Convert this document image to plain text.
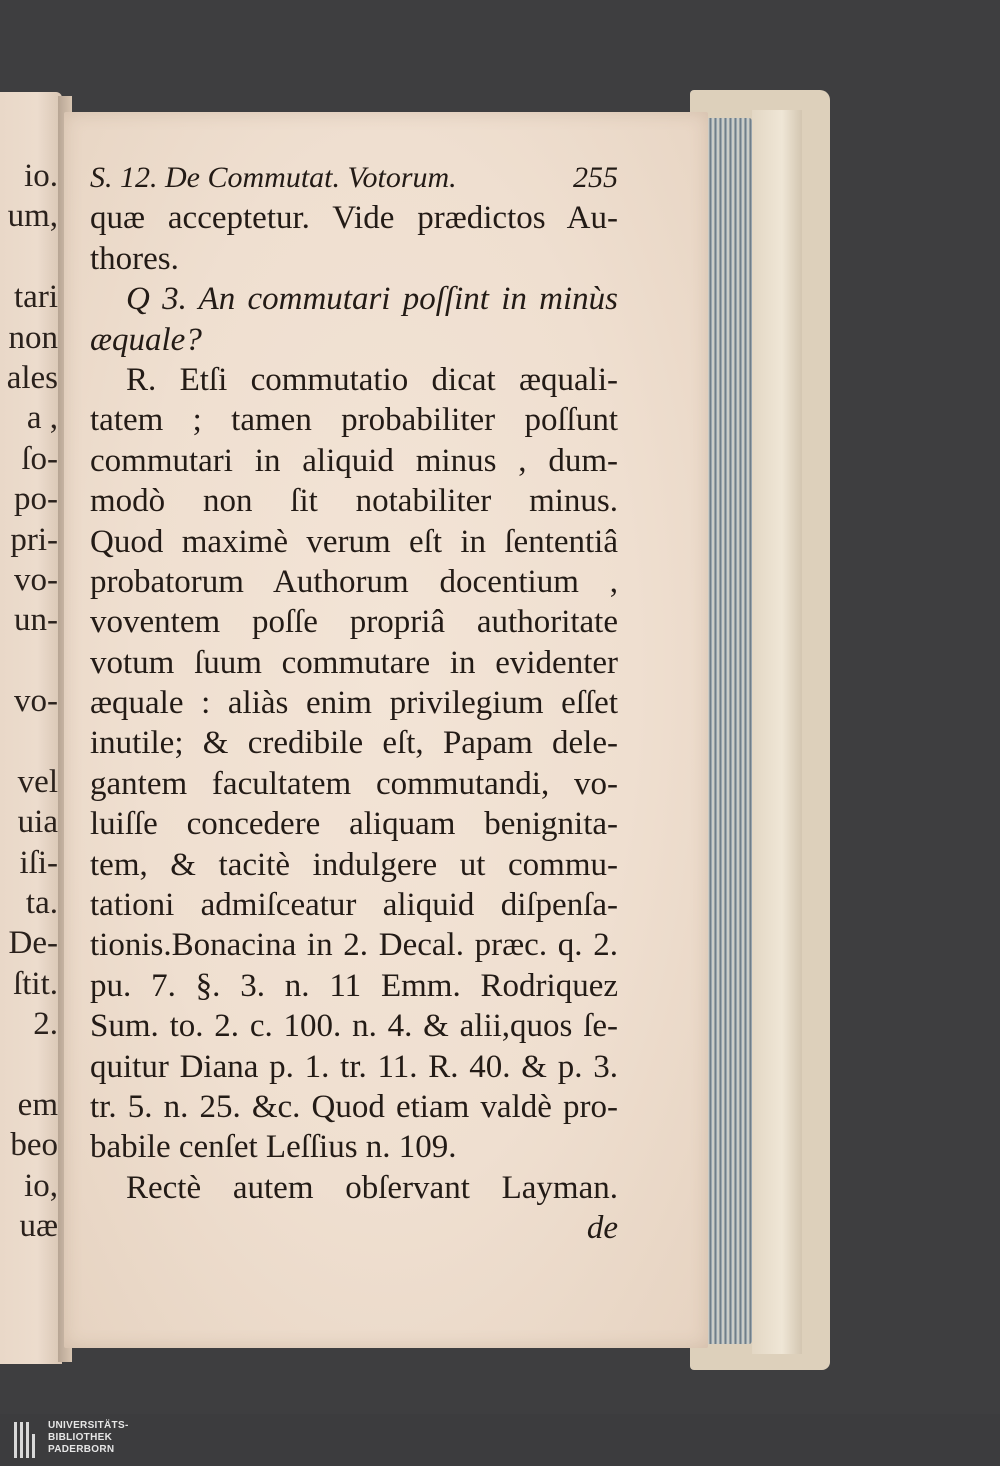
io.
um,
tari
non
ales
a ,
ſo-
po-
pri-
vo-
un-
vo-
vel
uia
iſi-
ta.
De-
ſtit.
2.
em
beo
io,
uæ
S. 12. De Commutat. Votorum.	255
quæ acceptetur. Vide prædictos Au-
thores.
Q 3. An commutari poſſint in minùs
æquale?
R. Etſi commutatio dicat æquali-
tatem ; tamen probabiliter poſſunt
commutari in aliquid minus , dum-
modò non ſit notabiliter minus.
Quod maximè verum eſt in ſententiâ
probatorum Authorum docentium ,
voventem poſſe propriâ authoritate
votum ſuum commutare in evidenter
æquale : aliàs enim privilegium eſſet
inutile; & credibile eſt, Papam dele-
gantem facultatem commutandi, vo-
luiſſe concedere aliquam benignita-
tem, & tacitè indulgere ut commu-
tationi admiſceatur aliquid diſpenſa-
tionis.Bonacina in 2. Decal. præc. q. 2.
pu. 7. §. 3. n. 11 Emm. Rodriquez
Sum. to. 2. c. 100. n. 4. & alii,quos ſe-
quitur Diana p. 1. tr. 11. R. 40. & p. 3.
tr. 5. n. 25. &c. Quod etiam valdè pro-
babile cenſet Leſſius n. 109.
Rectè autem obſervant Layman.
de
UNIVERSITÄTS-
BIBLIOTHEK
PADERBORN
